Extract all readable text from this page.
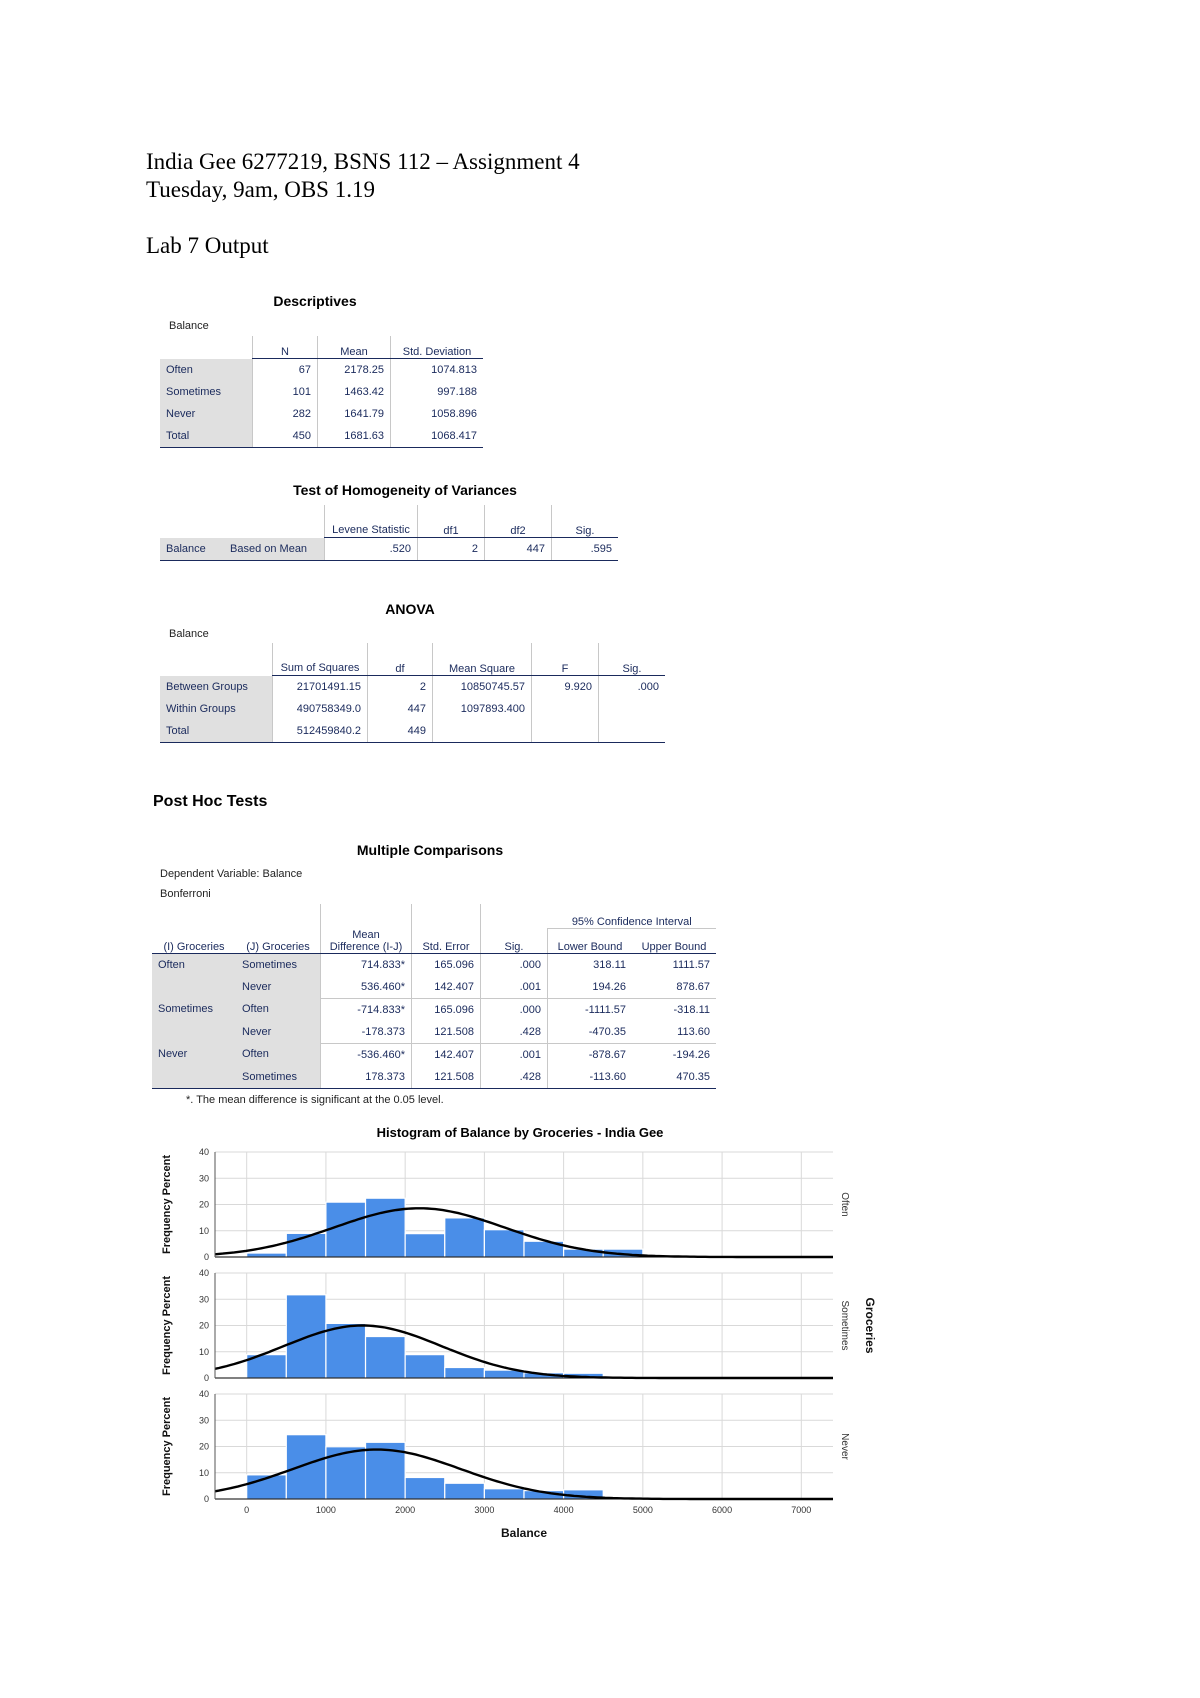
India Gee 6277219, BSNS 112 – Assignment 4
Tuesday, 9am, OBS 1.19
Lab 7 Output
Descriptives
Balance
	N	Mean	Std. Deviation
Often	67	2178.25	1074.813
Sometimes	101	1463.42	997.188
Never	282	1641.79	1058.896
Total	450	1681.63	1068.417
Test of Homogeneity of Variances
		Levene Statistic	df1	df2	Sig.
Balance	Based on Mean	.520	2	447	.595
ANOVA
Balance
	Sum of Squares	df	Mean Square	F	Sig.
Between Groups	21701491.15	2	10850745.57	9.920	.000
Within Groups	490758349.0	447	1097893.400		
Total	512459840.2	449			
Post Hoc Tests
Multiple Comparisons
Dependent Variable: Balance
Bonferroni
					95% Confidence Interval	
(I) Groceries	(J) Groceries	Mean Difference (I-J)	Std. Error	Sig.	Lower Bound	Upper Bound
Often	Sometimes	714.833*	165.096	.000	318.11	1111.57
	Never	536.460*	142.407	.001	194.26	878.67
Sometimes	Often	-714.833*	165.096	.000	-1111.57	-318.11
	Never	-178.373	121.508	.428	-470.35	113.60
Never	Often	-536.460*	142.407	.001	-878.67	-194.26
	Sometimes	178.373	121.508	.428	-113.60	470.35
*. The mean difference is significant at the 0.05 level.
Histogram of Balance by Groceries - India Gee
0
10
20
30
40
Frequency Percent	Often
0
10
20
30
40
Frequency Percent	Sometimes
0
10
20
30
40
Frequency Percent	Never
Groceries
0	1000	2000	3000	4000	5000	6000	7000
Balance
